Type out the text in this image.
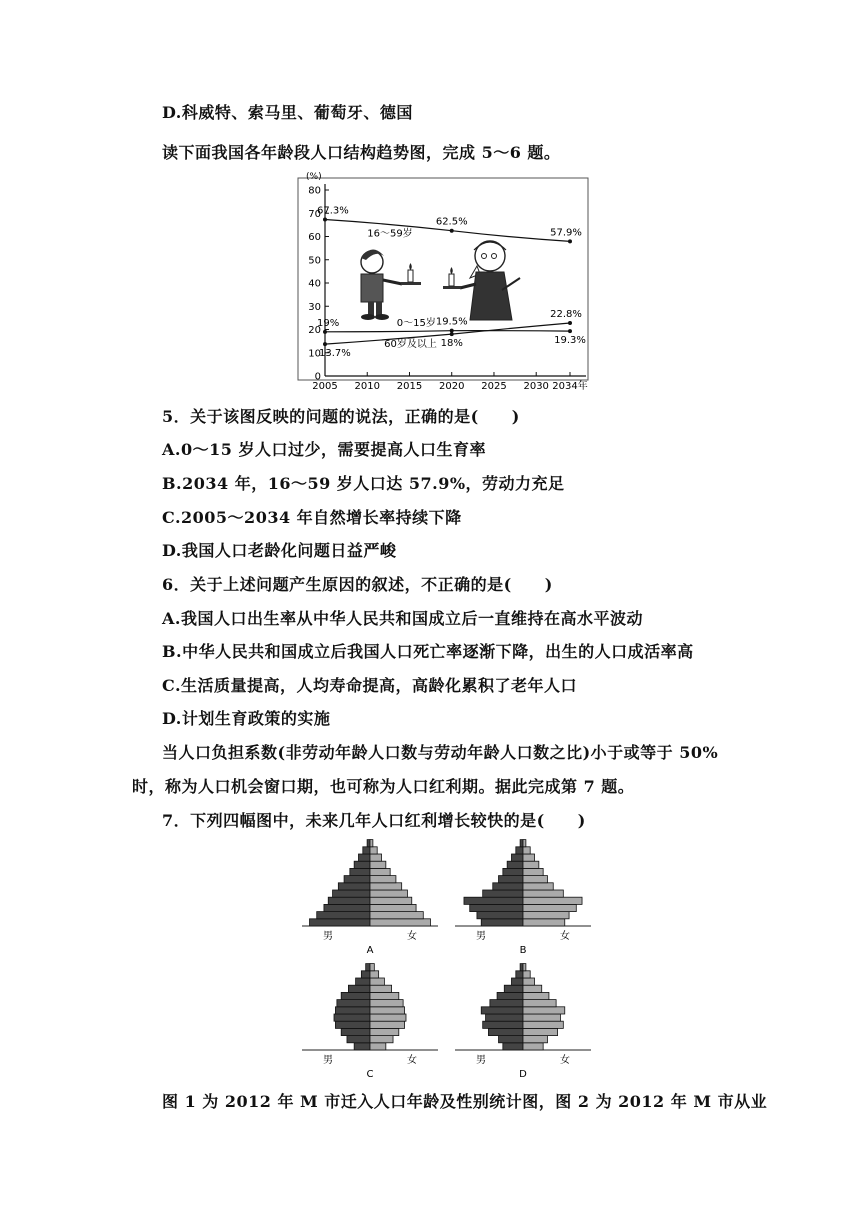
D.科威特、索马里、葡萄牙、德国
读下面我国各年龄段人口结构趋势图，完成 5～6 题。
(%)
0
10
20
30
40
50
60
70
80
2005 2010 2015 2020 2025 2030 2034年
67.3%
62.5%
57.9%
16～59岁
19%	19.5%
19.3%
0～15岁
13.7%
18%
22.8%
60岁及以上
5．关于该图反映的问题的说法，正确的是(　　)
A.0～15 岁人口过少，需要提高人口生育率
B.2034 年，16～59 岁人口达 57.9%，劳动力充足
C.2005～2034 年自然增长率持续下降
D.我国人口老龄化问题日益严峻
6．关于上述问题产生原因的叙述，不正确的是(　　)
A.我国人口出生率从中华人民共和国成立后一直维持在高水平波动
B.中华人民共和国成立后我国人口死亡率逐渐下降，出生的人口成活率高
C.生活质量提高，人均寿命提高，高龄化累积了老年人口
D.计划生育政策的实施
当人口负担系数(非劳动年龄人口数与劳动年龄人口数之比)小于或等于 50%
时，称为人口机会窗口期，也可称为人口红利期。据此完成第 7 题。
7．下列四幅图中，未来几年人口红利增长较快的是(　　)
男	女
A
男	女
B
男	女
C
男	女
D
图 1 为 2012 年 M 市迁入人口年龄及性别统计图，图 2 为 2012 年 M 市从业
